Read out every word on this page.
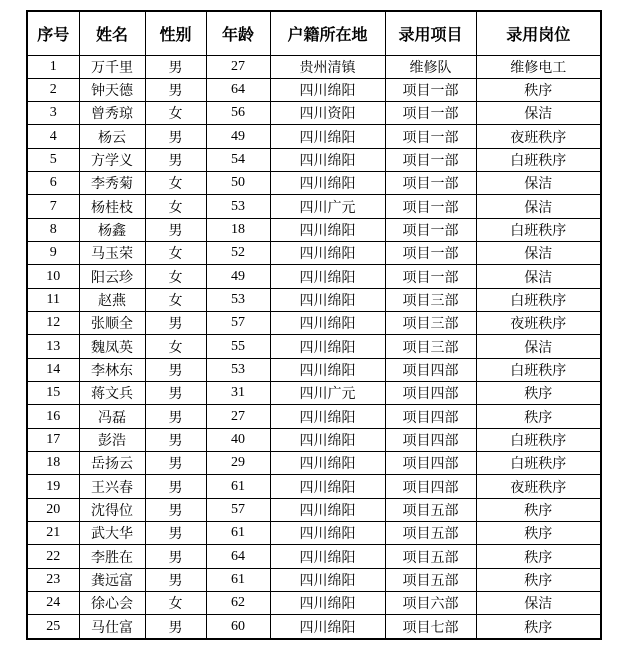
序号	姓名	性别	年龄	户籍所在地	录用项目	录用岗位
1	万千里	男	27	贵州清镇	维修队	维修电工
2	钟天德	男	64	四川绵阳	项目一部	秩序
3	曾秀琼	女	56	四川资阳	项目一部	保洁
4	杨云	男	49	四川绵阳	项目一部	夜班秩序
5	方学义	男	54	四川绵阳	项目一部	白班秩序
6	李秀菊	女	50	四川绵阳	项目一部	保洁
7	杨桂枝	女	53	四川广元	项目一部	保洁
8	杨鑫	男	18	四川绵阳	项目一部	白班秩序
9	马玉荣	女	52	四川绵阳	项目一部	保洁
10	阳云珍	女	49	四川绵阳	项目一部	保洁
11	赵燕	女	53	四川绵阳	项目三部	白班秩序
12	张顺全	男	57	四川绵阳	项目三部	夜班秩序
13	魏凤英	女	55	四川绵阳	项目三部	保洁
14	李林东	男	53	四川绵阳	项目四部	白班秩序
15	蒋文兵	男	31	四川广元	项目四部	秩序
16	冯磊	男	27	四川绵阳	项目四部	秩序
17	彭浩	男	40	四川绵阳	项目四部	白班秩序
18	岳扬云	男	29	四川绵阳	项目四部	白班秩序
19	王兴春	男	61	四川绵阳	项目四部	夜班秩序
20	沈得位	男	57	四川绵阳	项目五部	秩序
21	武大华	男	61	四川绵阳	项目五部	秩序
22	李胜在	男	64	四川绵阳	项目五部	秩序
23	龚远富	男	61	四川绵阳	项目五部	秩序
24	徐心会	女	62	四川绵阳	项目六部	保洁
25	马仕富	男	60	四川绵阳	项目七部	秩序
